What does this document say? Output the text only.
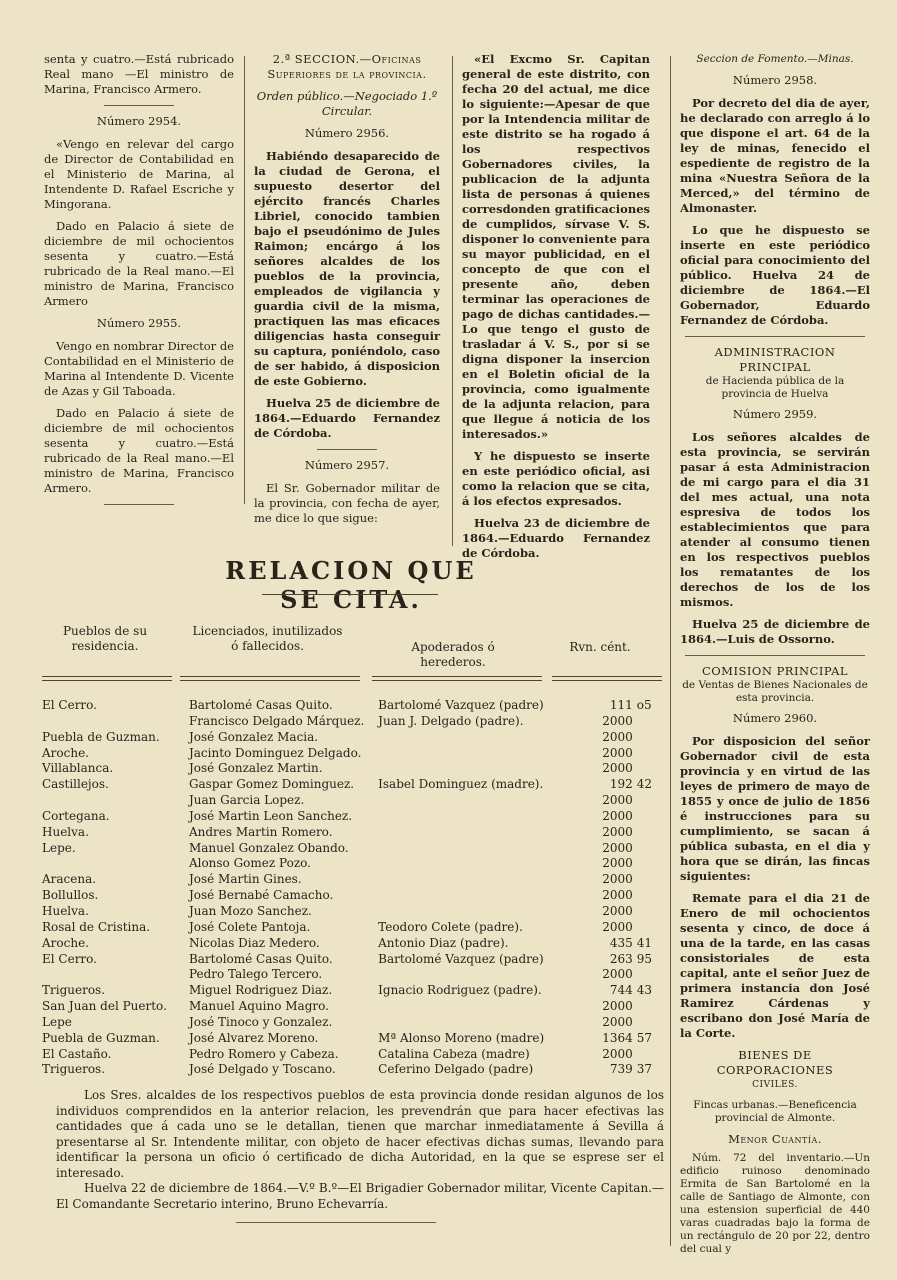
senta y cuatro.—Está rubricado Real mano —El ministro de Marina, Francisco Armero.

Número 2954.

«Vengo en relevar del cargo de Director de Contabilidad en el Ministerio de Marina, al Intendente D. Rafael Escriche y Mingorana.

Dado en Palacio á siete de diciembre de mil ochocientos sesenta y cuatro.—Está rubricado de la Real mano.—El ministro de Marina, Francisco Armero

Número 2955.

Vengo en nombrar Director de Contabilidad en el Ministerio de Marina al Intendente D. Vicente de Azas y Gil Taboada.

Dado en Palacio á siete de diciembre de mil ochocientos sesenta y cuatro.—Está rubricado de la Real mano.—El ministro de Marina, Francisco Armero.

2.ª SECCION.—Oficinas Superiores de la provincia.

Orden público.—Negociado 1.º Circular.

Número 2956.

Habiéndo desaparecido de la ciudad de Gerona, el supuesto desertor del ejército francés Charles Libriel, conocido tambien bajo el pseudónimo de Jules Raimon; encárgo á los señores alcaldes de los pueblos de la provincia, empleados de vigilancia y guardia civil de la misma, practiquen las mas eficaces diligencias hasta conseguir su captura, poniéndolo, caso de ser habido, á disposicion de este Gobierno.

Huelva 25 de diciembre de 1864.—Eduardo Fernandez de Córdoba.

Número 2957.

El Sr. Gobernador militar de la provincia, con fecha de ayer, me dice lo que sigue:

«El Excmo Sr. Capitan general de este distrito, con fecha 20 del actual, me dice lo siguiente:—Apesar de que por la Intendencia militar de este distrito se ha rogado á los respectivos Gobernadores civiles, la publicacion de la adjunta lista de personas á quienes corresdonden gratificaciones de cumplidos, sírvase V. S. disponer lo conveniente para su mayor publicidad, en el concepto de que con el presente año, deben terminar las operaciones de pago de dichas cantidades.— Lo que tengo el gusto de trasladar á V. S., por si se digna disponer la insercion en el Boletin oficial de la provincia, como igualmente de la adjunta relacion, para que llegue á noticia de los interesados.»

Y he dispuesto se inserte en este periódico oficial, asi como la relacion que se cita, á los efectos expresados.

Huelva 23 de diciembre de 1864.—Eduardo Fernandez de Córdoba.

Seccion de Fomento.—Minas.
Número 2958.

Por decreto del dia de ayer, he declarado con arreglo á lo que dispone el art. 64 de la ley de minas, fenecido el espediente de registro de la mina «Nuestra Señora de la Merced,» del término de Almonaster.

Lo que he dispuesto se inserte en este periódico oficial para conocimiento del público. Huelva 24 de diciembre de 1864.—El Gobernador, Eduardo Fernandez de Córdoba.

ADMINISTRACION PRINCIPAL
de Hacienda pública de la provincia de Huelva
Número 2959.

Los señores alcaldes de esta provincia, se servirán pasar á esta Administracion de mi cargo para el dia 31 del mes actual, una nota espresiva de todos los establecimientos que para atender al consumo tienen en los respectivos pueblos los rematantes de los derechos de los de los mismos.

Huelva 25 de diciembre de 1864.—Luis de Ossorno.

COMISION PRINCIPAL
de Ventas de Bienes Nacionales de esta provincia.
Número 2960.

Por disposicion del señor Gobernador civil de esta provincia y en virtud de las leyes de primero de mayo de 1855 y once de julio de 1856 é instrucciones para su cumplimiento, se sacan á pública subasta, en el dia y hora que se dirán, las fincas siguientes:

Remate para el dia 21 de Enero de mil ochocientos sesenta y cinco, de doce á una de la tarde, en las casas consistoriales de esta capital, ante el señor Juez de primera instancia don José Ramirez Cárdenas y escribano don José María de la Corte.

BIENES DE CORPORACIONES
CIVILES.

Fincas urbanas.—Beneficencia provincial de Almonte.

Menor Cuantía.

Núm. 72 del inventario.—Un edificio ruinoso denominado Ermita de San Bartolomé en la calle de Santiago de Almonte, con una estension superficial de 440 varas cuadradas bajo la forma de un rectángulo de 20 por 22, dentro del cual y

RELACION QUE SE CITA.
Pueblos de su residencia.
Licenciados, inutilizados ó fallecidos.	Apoderados ó herederos.
Rvn. cént.
El Cerro.	Bartolomé Casas Quito.	Bartolomé Vazquez (padre)	111	o5
	Francisco Delgado Márquez.	Juan J. Delgado (padre).	2000	
Puebla de Guzman.	José Gonzalez Macia.		2000	
Aroche.	Jacinto Dominguez Delgado.		2000	
Villablanca.	José Gonzalez Martin.		2000	
Castillejos.	Gaspar Gomez Dominguez.	Isabel Dominguez (madre).	192	42
	Juan Garcia Lopez.		2000	
Cortegana.	José Martin Leon Sanchez.		2000	
Huelva.	Andres Martin Romero.		2000	
Lepe.	Manuel Gonzalez Obando.		2000	
	Alonso Gomez Pozo.		2000	
Aracena.	José Martin Gines.		2000	
Bollullos.	José Bernabé Camacho.		2000	
Huelva.	Juan Mozo Sanchez.		2000	
Rosal de Cristina.	José Colete Pantoja.	Teodoro Colete (padre).	2000	
Aroche.	Nicolas Diaz Medero.	Antonio Diaz (padre).	435	41
El Cerro.	Bartolomé Casas Quito.	Bartolomé Vazquez (padre)	263	95
	Pedro Talego Tercero.		2000	
Trigueros.	Miguel Rodriguez Diaz.	Ignacio Rodriguez (padre).	744	43
San Juan del Puerto.	Manuel Aquino Magro.		2000	
Lepe	José Tinoco y Gonzalez.		2000	
Puebla de Guzman.	José Alvarez Moreno.	Mª Alonso Moreno (madre)	1364	57
El Castaño.	Pedro Romero y Cabeza.	Catalina Cabeza (madre)	2000	
Trigueros.	José Delgado y Toscano.	Ceferino Delgado (padre)	739	37

Los Sres. alcaldes de los respectivos pueblos de esta provincia donde residan algunos de los individuos comprendidos en la anterior relacion, les prevendrán que para hacer efectivas las cantidades que á cada uno se le detallan, tienen que marchar inmediatamente á Sevilla á presentarse al Sr. Intendente militar, con objeto de hacer efectivas dichas sumas, llevando para identificar la persona un oficio ó certificado de dicha Autoridad, en la que se esprese ser el interesado.

Huelva 22 de diciembre de 1864.—V.º B.º—El Brigadier Gobernador militar, Vicente Capitan.—El Comandante Secretario interino, Bruno Echevarría.
